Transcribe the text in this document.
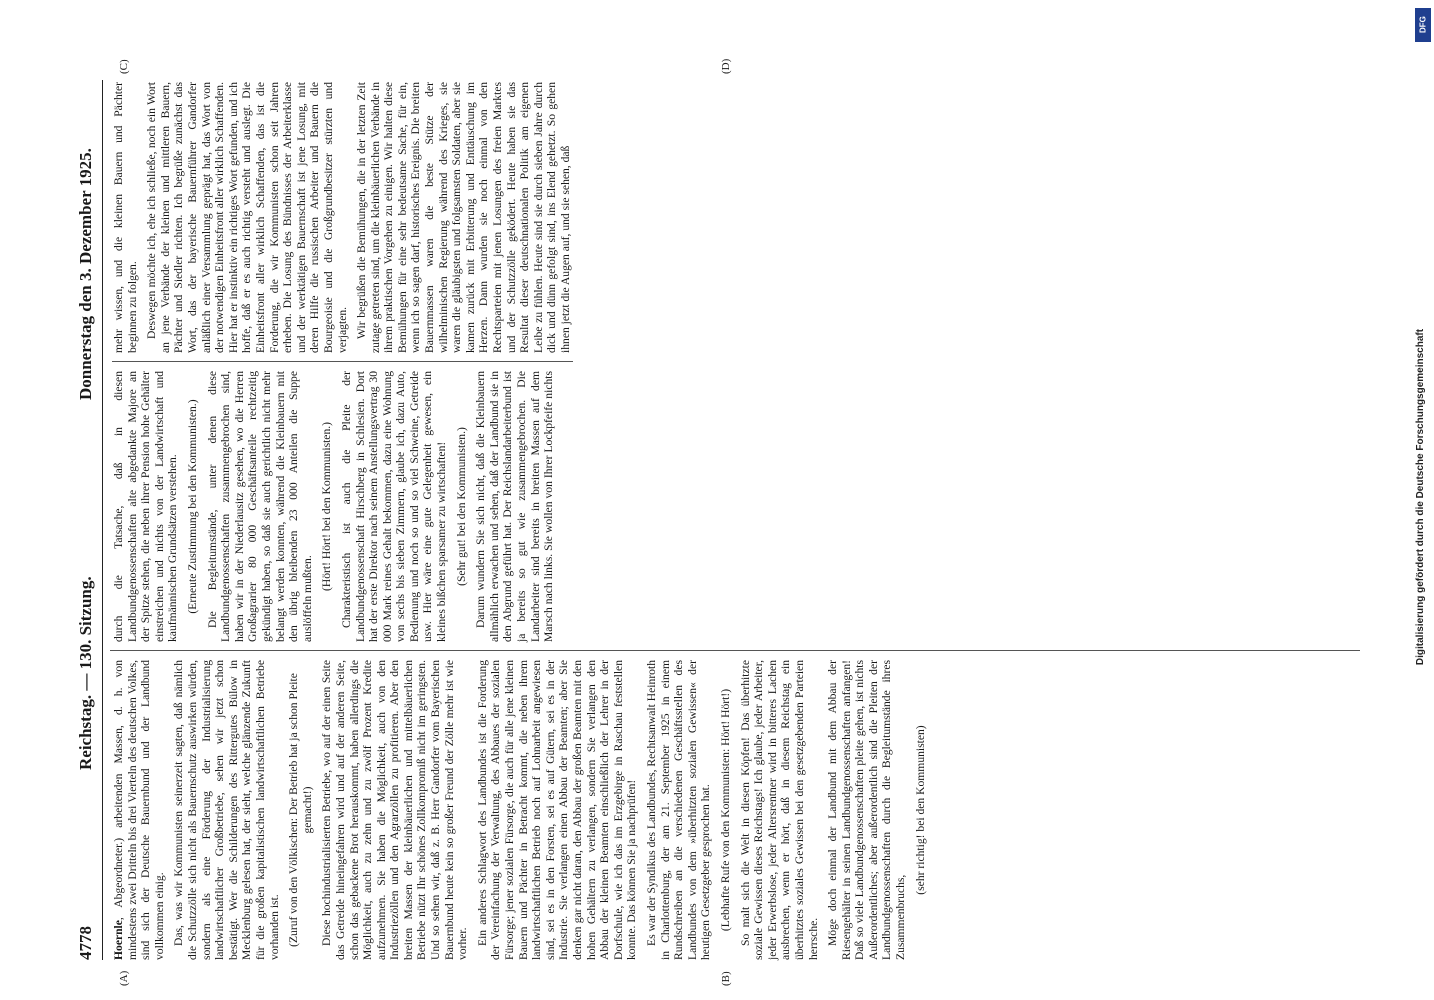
4778
Reichstag. — 130. Sitzung.
Donnerstag den 3. Dezember 1925.

Hoernle, Abgeordneter.) arbeitenden Massen, d. h. von mindestens zwei Dritteln bis drei Vierteln des deutschen Volkes, sind sich der Deutsche Bauernbund und der Landbund vollkommen einig. Das, was wir Kommunisten seinerzeit sagten, daß nämlich die Schutzzölle sich nicht als Bauernschutz auswirken würden, sondern als eine Förderung der Industrialisierung landwirtschaftlicher Großbetriebe, sehen wir jetzt schon bestätigt. Wer die Schilderungen des Rittergutes Bülow in Mecklenburg gelesen hat, der sieht, welche glänzende Zukunft für die großen kapitalistischen landwirtschaftlichen Betriebe vorhanden ist. (Zuruf von den Völkischen: Der Betrieb hat ja schon Pleite gemacht!) Diese hochindustrialisierten Betriebe, wo auf der einen Seite das Getreide hineingefahren wird und auf der anderen Seite, schon das gebackene Brot herauskommt, haben allerdings die Möglichkeit, auch zu zehn und zu zwölf Prozent Kredite aufzunehmen. Sie haben die Möglichkeit, auch von den Industriezöllen und den Agrarzöllen zu profitieren. Aber den breiten Massen der kleinbäuerlichen und mittelbäuerlichen Betriebe nützt Ihr schönes Zollkompromiß nicht im geringsten. Und so sehen wir, daß z. B. Herr Gandorfer vom Bayerischen Bauernbund heute kein so großer Freund der Zölle mehr ist wie vorher. Ein anderes Schlagwort des Landbundes ist die Forderung der Vereinfachung der Verwaltung, des Abbaues der sozialen Fürsorge; jener sozialen Fürsorge, die auch für alle jene kleinen Bauern und Pächter in Betracht kommt, die neben ihrem landwirtschaftlichen Betrieb noch auf Lohnarbeit angewiesen sind, sei es in den Forsten, sei es auf Gütern, sei es in der Industrie. Sie verlangen einen Abbau der Beamten; aber Sie denken gar nicht daran, den Abbau der großen Beamten mit den hohen Gehältern zu verlangen, sondern Sie verlangen den Abbau der kleinen Beamten einschließlich der Lehrer in der Dorfschule, wie ich das im Erzgebirge in Raschau feststellen konnte. Das können Sie ja nachprüfen! Es war der Syndikus des Landbundes, Rechtsanwalt Heinroth in Charlottenburg, der am 21. September 1925 in einem Rundschreiben an die verschiedenen Geschäftsstellen des Landbundes von dem »überhitzten sozialen Gewissen« der heutigen Gesetzgeber gesprochen hat. (Lebhafte Rufe von den Kommunisten: Hört! Hört!) So malt sich die Welt in diesen Köpfen! Das überhitzte soziale Gewissen dieses Reichstags! Ich glaube, jeder Arbeiter, jeder Erwerbslose, jeder Altersrentner wird in bitteres Lachen ausbrechen, wenn er hört, daß in diesem Reichstag ein überhitztes soziales Gewissen bei den gesetzgebenden Parteien herrsche. Möge doch einmal der Landbund mit dem Abbau der Riesengehälter in seinen Landbundgenossenschaften anfangen! Daß so viele Landbundgenossenschaften pleite gehen, ist nichts Außerordentliches; aber außerordentlich sind die Pleiten der Landbundgenossenschaften durch die Begleitumstände ihres Zusammenbruchs,

(sehr richtig! bei den Kommunisten)

durch die Tatsache, daß in diesen Landbundgenossenschaften alte abgedankte Majore an der Spitze stehen, die neben ihrer Pension hohe Gehälter einstreichen und nichts von der Landwirtschaft und kaufmännischen Grundsätzen verstehen. (Erneute Zustimmung bei den Kommunisten.) Die Begleitumstände, unter denen diese Landbundgenossenschaften zusammengebrochen sind, haben wir in der Niederlausitz gesehen, wo die Herren Großagrarier 80 000 Geschäftsanteile rechtzeitig gekündigt haben, so daß sie auch gerichtlich nicht mehr belangt werden konnten, während die Kleinbauern mit den übrig bleibenden 23 000 Anteilen die Suppe auslöffeln mußten.

(Hört! Hört! bei den Kommunisten.) Charakteristisch ist auch die Pleite der Landbundgenossenschaft Hirschberg in Schlesien. Dort hat der erste Direktor nach seinem Anstellungsvertrag 30 000 Mark reines Gehalt bekommen, dazu eine Wohnung von sechs bis sieben Zimmern, glaube ich, dazu Auto, Bedienung und noch so und so viel Schweine, Getreide usw. Hier wäre eine gute Gelegenheit gewesen, ein kleines bißchen sparsamer zu wirtschaften! (Sehr gut! bei den Kommunisten.) Darum wundern Sie sich nicht, daß die Kleinbauern allmählich erwachen und sehen, daß der Landbund sie in den Abgrund geführt hat. Der Reichslandarbeiterbund ist ja bereits so gut wie zusammengebrochen. Die Landarbeiter sind bereits in breiten Massen auf dem Marsch nach links. Sie wollen von Ihrer Lockpfeife nichts mehr wissen, und die kleinen Bauern und Pächter beginnen zu folgen. Deswegen möchte ich, ehe ich schließe, noch ein Wort an jene Verbände der kleinen und mittleren Bauern, Pächter und Siedler richten. Ich begrüße zunächst das Wort, das der bayerische Bauernführer Gandorfer anläßlich einer Versammlung geprägt hat, das Wort von der notwendigen Einheitsfront aller wirklich Schaffenden. Hier hat er instinktiv ein richtiges Wort gefunden, und ich hoffe, daß er es auch richtig versteht und auslegt. Die Einheitsfront aller wirklich Schaffenden, das ist die Forderung, die wir Kommunisten schon seit Jahren erheben. Die Losung des Bündnisses der Arbeiterklasse und der werktätigen Bauernschaft ist jene Losung, mit deren Hilfe die russischen Arbeiter und Bauern die Bourgeoisie und die Großgrundbesitzer stürzten und verjagten. Wir begrüßen die Bemühungen, die in der letzten Zeit zutage getreten sind, um die kleinbäuerlichen Verbände in ihrem praktischen Vorgehen zu einigen. Wir halten diese Bemühungen für eine sehr bedeutsame Sache, für ein, wenn ich so sagen darf, historisches Ereignis. Die breiten Bauernmassen waren die beste Stütze der wilhelminischen Regierung während des Krieges, sie waren die gläubigsten und folgsamsten Soldaten, aber sie kamen zurück mit Erbitterung und Enttäuschung im Herzen. Dann wurden sie noch einmal von den Rechtsparteien mit jenen Losungen des freien Marktes und der Schutzzölle geködert. Heute haben sie das Resultat dieser deutschnationalen Politik am eigenen Leibe zu fühlen. Heute sind sie durch sieben Jahre durch dick und dünn gefolgt sind, ins Elend gehetzt. So gehen ihnen jetzt die Augen auf, und sie sehen, daß

(A)	(B)
(C)	(D)
DFG
Digitalisierung gefördert durch die Deutsche Forschungsgemeinschaft
